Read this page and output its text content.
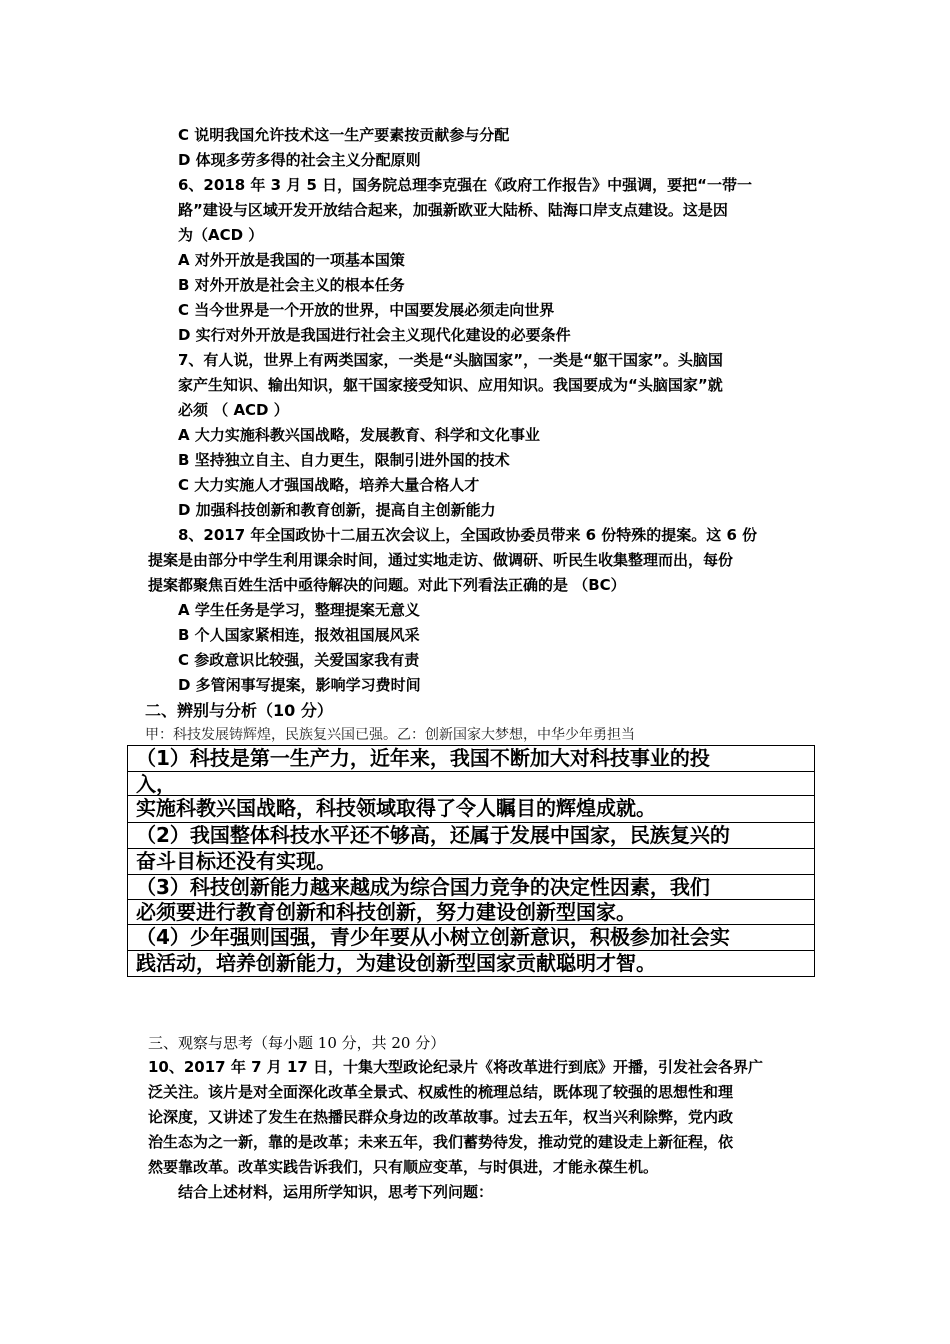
C 说明我国允许技术这一生产要素按贡献参与分配
D 体现多劳多得的社会主义分配原则
6、2018 年 3 月 5 日，国务院总理李克强在《政府工作报告》中强调，要把“一带一
路”建设与区域开发开放结合起来，加强新欧亚大陆桥、陆海口岸支点建设。这是因
为（ACD ）
A 对外开放是我国的一项基本国策
B 对外开放是社会主义的根本任务
C 当今世界是一个开放的世界，中国要发展必须走向世界
D 实行对外开放是我国进行社会主义现代化建设的必要条件
7、有人说，世界上有两类国家，一类是“头脑国家”，一类是“躯干国家”。头脑国
家产生知识、输出知识，躯干国家接受知识、应用知识。我国要成为“头脑国家”就
必须 （ ACD ）
A 大力实施科教兴国战略，发展教育、科学和文化事业
B 坚持独立自主、自力更生，限制引进外国的技术
C 大力实施人才强国战略，培养大量合格人才
D 加强科技创新和教育创新，提高自主创新能力
8、2017 年全国政协十二届五次会议上，全国政协委员带来 6 份特殊的提案。这 6 份
提案是由部分中学生利用课余时间，通过实地走访、做调研、听民生收集整理而出，每份
提案都聚焦百姓生活中亟待解决的问题。对此下列看法正确的是 （BC）
A 学生任务是学习，整理提案无意义
B 个人国家紧相连，报效祖国展风采
C 参政意识比较强，关爱国家我有责
D 多管闲事写提案，影响学习费时间
二、辨别与分析（10 分）
甲：科技发展铸辉煌，民族复兴国已强。乙：创新国家大梦想，中华少年勇担当
（1）科技是第一生产力，近年来，我国不断加大对科技事业的投
入，
实施科教兴国战略，科技领域取得了令人瞩目的辉煌成就。
（2）我国整体科技水平还不够高，还属于发展中国家，民族复兴的
奋斗目标还没有实现。
（3）科技创新能力越来越成为综合国力竞争的决定性因素，我们
必须要进行教育创新和科技创新，努力建设创新型国家。
（4）少年强则国强，青少年要从小树立创新意识，积极参加社会实
践活动，培养创新能力，为建设创新型国家贡献聪明才智。
三、观察与思考（每小题 10 分，共 20 分）
10、2017 年 7 月 17 日，十集大型政论纪录片《将改革进行到底》开播，引发社会各界广
泛关注。该片是对全面深化改革全景式、权威性的梳理总结，既体现了较强的思想性和理
论深度，又讲述了发生在热播民群众身边的改革故事。过去五年，权当兴利除弊，党内政
治生态为之一新，靠的是改革；未来五年，我们蓄势待发，推动党的建设走上新征程，依
然要靠改革。改革实践告诉我们，只有顺应变革，与时俱进，才能永葆生机。
结合上述材料，运用所学知识，思考下列问题：
